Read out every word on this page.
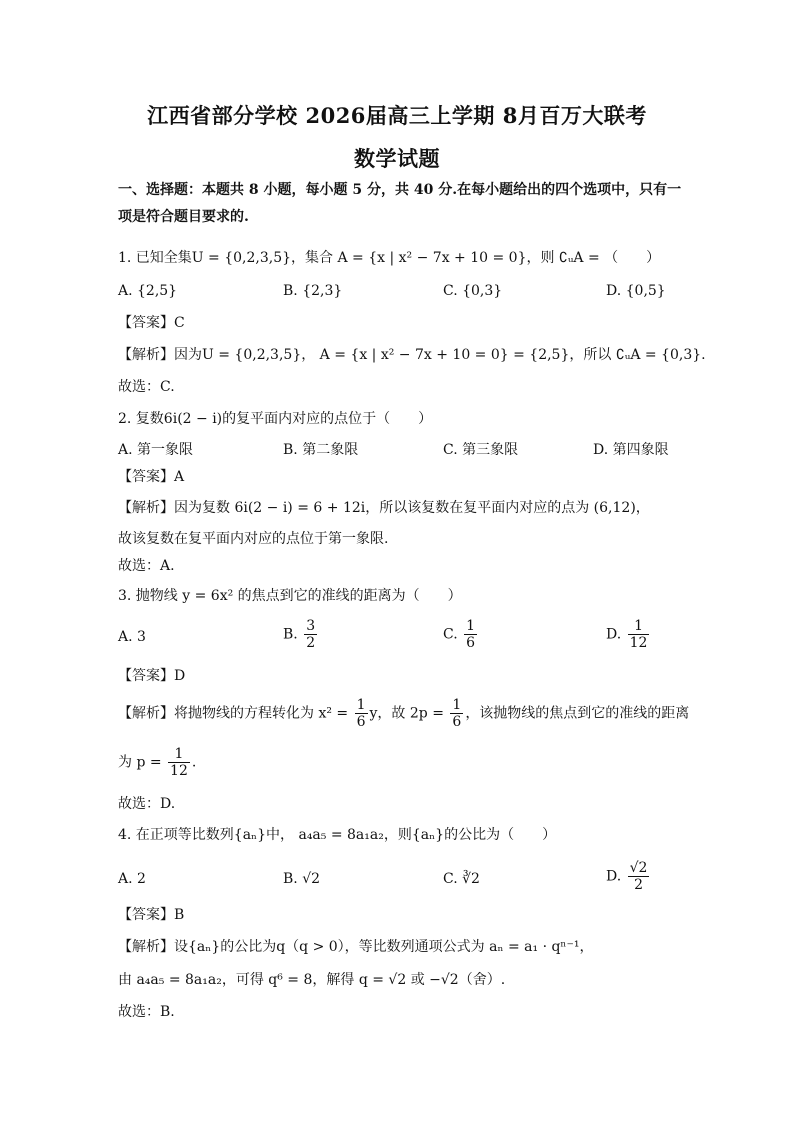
江西省部分学校 2026届高三上学期 8月百万大联考
数学试题
一、选择题：本题共 8 小题，每小题 5 分，共 40 分.在每小题给出的四个选项中，只有一
项是符合题目要求的.
1. 已知全集U = {0,2,3,5}，集合 A = {x | x² − 7x + 10 = 0}，则 ∁ᵤA = （　　）
A. {2,5}	B. {2,3}	C. {0,3}	D. {0,5}
【答案】C
【解析】因为U = {0,2,3,5}， A = {x | x² − 7x + 10 = 0} = {2,5}，所以 ∁ᵤA = {0,3}.
故选：C.
2. 复数6i(2 − i)的复平面内对应的点位于（　　）
A. 第一象限	B. 第二象限	C. 第三象限	D. 第四象限
【答案】A
【解析】因为复数 6i(2 − i) = 6 + 12i，所以该复数在复平面内对应的点为 (6,12)，
故该复数在复平面内对应的点位于第一象限.
故选：A.
3. 抛物线 y = 6x² 的焦点到它的准线的距离为（　　）
A. 3	B. $\frac{3}{2}$	C. $\frac{1}{6}$	D. $\frac{1}{12}$
【答案】D
【解析】将抛物线的方程转化为 $x^2 = \frac{1}{6}$ y，故 $2p = \frac{1}{6}$ ，该抛物线的焦点到它的准线的距离
为 $p = \frac{1}{12}$ .
故选：D.
4. 在正项等比数列{aₙ}中， a₄a₅ = 8a₁a₂，则{aₙ}的公比为（　　）
A. 2	B. √2	C. ∛2	D. $\frac{√2}{2}$
【答案】B
【解析】设{aₙ}的公比为q（q > 0），等比数列通项公式为 aₙ = a₁ · qⁿ⁻¹，
由 a₄a₅ = 8a₁a₂，可得 q⁶ = 8，解得 q = √2 或 −√2（舍）.
故选：B.
